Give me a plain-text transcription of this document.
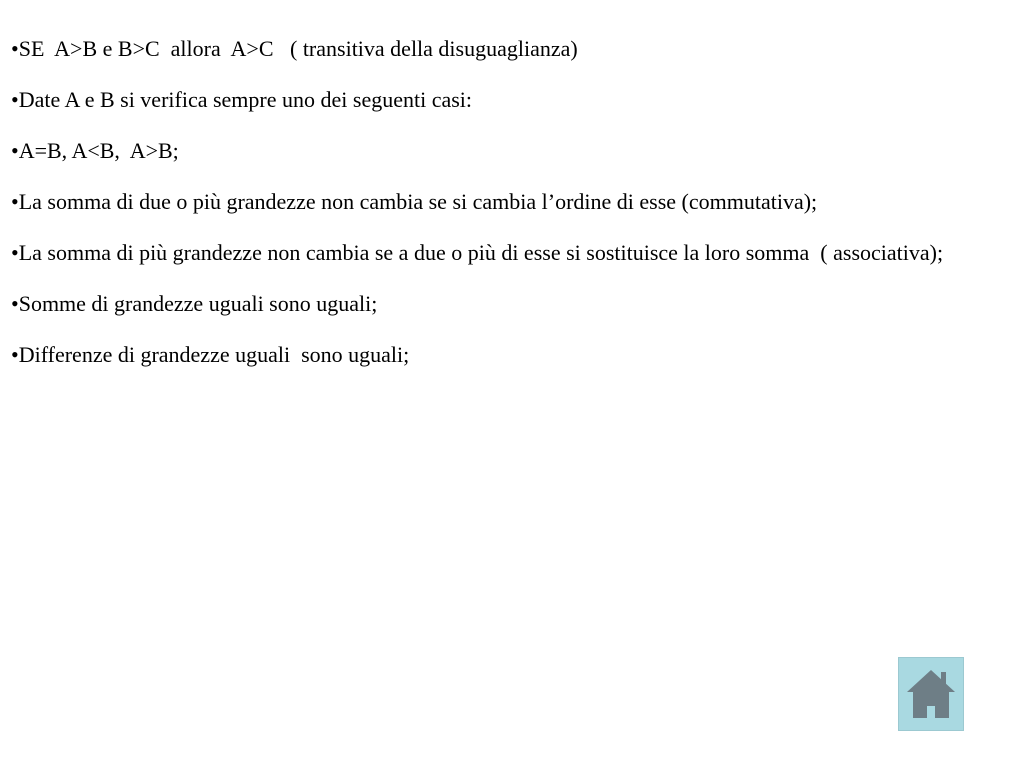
•SE  A>B e B>C  allora  A>C   ( transitiva della disuguaglianza)

•Date A e B si verifica sempre uno dei seguenti casi:

•A=B, A<B,  A>B;

•La somma di due o più grandezze non cambia se si cambia l’ordine di esse (commutativa);

•La somma di più grandezze non cambia se a due o più di esse si sostituisce la loro somma  ( associativa);

•Somme di grandezze uguali sono uguali;

•Differenze di grandezze uguali  sono uguali;
